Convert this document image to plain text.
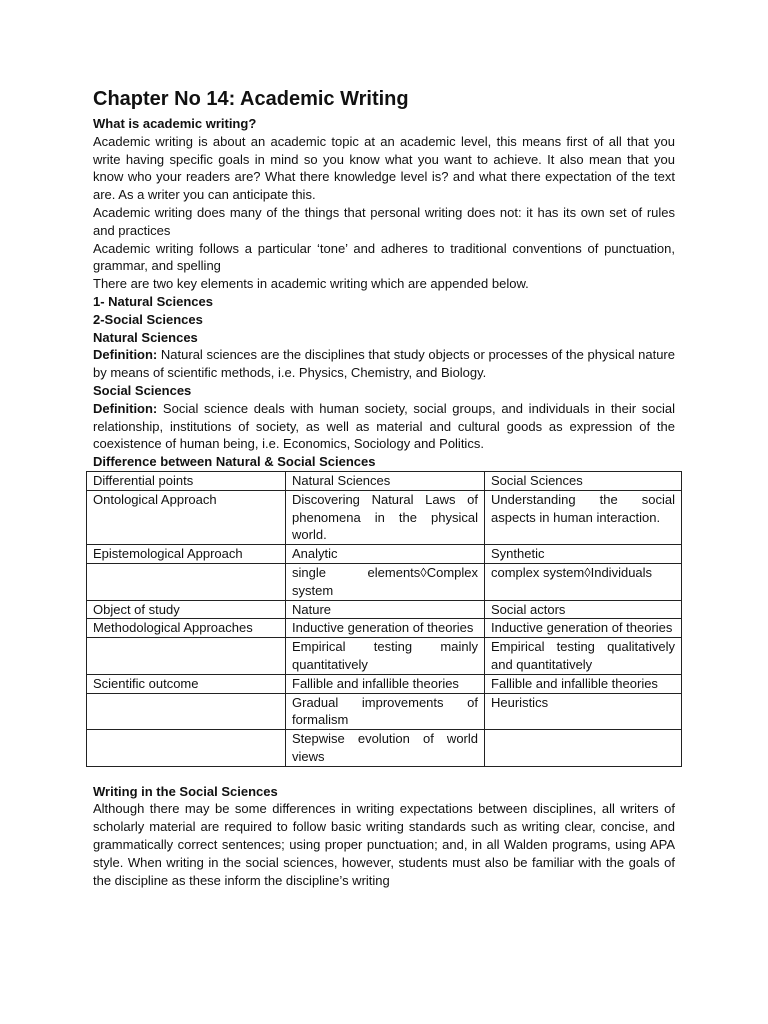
Chapter No 14: Academic Writing

What is academic writing?

Academic writing is about an academic topic at an academic level, this means first of all that you write having specific goals in mind so you know what you want to achieve. It also mean that you know who your readers are? What there knowledge level is? and what there expectation of the text are. As a writer you can anticipate this.

Academic writing does many of the things that personal writing does not: it has its own set of rules and practices

Academic writing follows a particular ‘tone’ and adheres to traditional conventions of punctuation, grammar, and spelling

There are two key elements in academic writing which are appended below.

1- Natural Sciences

2-Social Sciences

Natural Sciences

Definition: Natural sciences are the disciplines that study objects or processes of the physical nature by means of scientific methods, i.e. Physics, Chemistry, and Biology.

Social Sciences

Definition: Social science deals with human society, social groups, and individuals in their social relationship, institutions of society, as well as material and cultural goods as expression of the coexistence of human being, i.e. Economics, Sociology and Politics.

Difference between Natural & Social Sciences

Differential points	Natural Sciences	Social Sciences
Ontological Approach	Discovering Natural Laws of phenomena in the physical world.	Understanding the social aspects in human interaction.
Epistemological Approach	Analytic	Synthetic
	single elements◊Complex system	complex system◊Individuals
Object of study	Nature	Social actors
Methodological Approaches	Inductive generation of theories	Inductive generation of theories
	Empirical testing mainly quantitatively	Empirical testing qualitatively and quantitatively
Scientific outcome	Fallible and infallible theories	Fallible and infallible theories
	Gradual improvements of formalism	Heuristics
	Stepwise evolution of world views	

Writing in the Social Sciences

Although there may be some differences in writing expectations between disciplines, all writers of scholarly material are required to follow basic writing standards such as writing clear, concise, and grammatically correct sentences; using proper punctuation; and, in all Walden programs, using APA style. When writing in the social sciences, however, students must also be familiar with the goals of the discipline as these inform the discipline’s writing
